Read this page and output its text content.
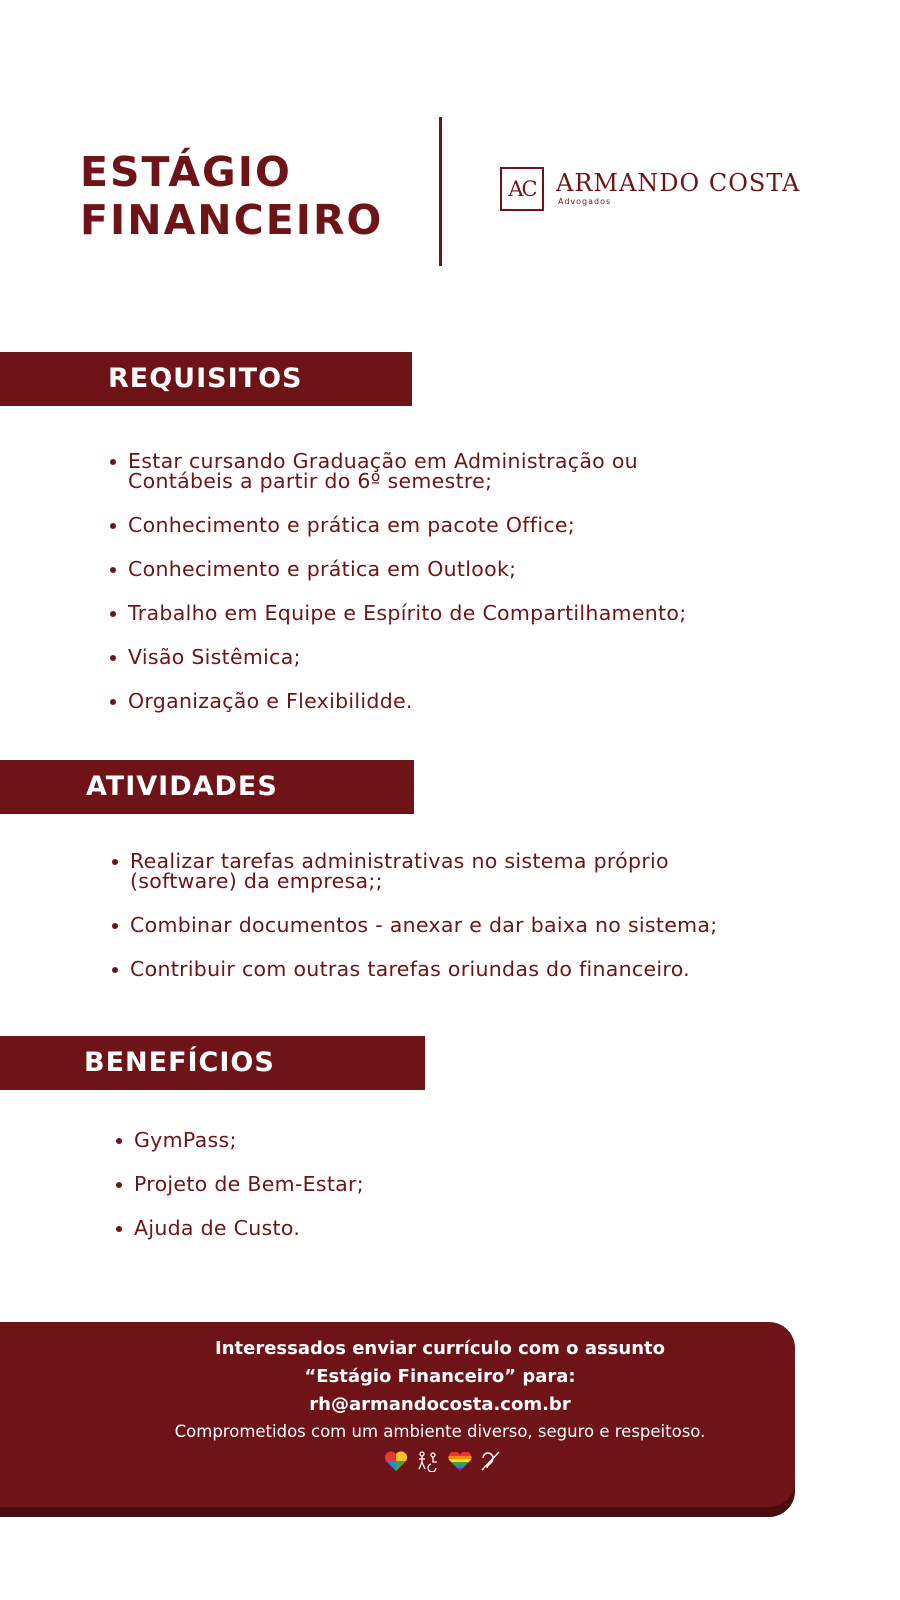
ESTÁGIO
FINANCEIRO
AC ARMANDO COSTA
Advogados
REQUISITOS
Estar cursando Graduação em Administração ou
Contábeis a partir do 6º semestre;
Conhecimento e prática em pacote Office;
Conhecimento e prática em Outlook;
Trabalho em Equipe e Espírito de Compartilhamento;
Visão Sistêmica;
Organização e Flexibilidde.
ATIVIDADES
Realizar tarefas administrativas no sistema próprio
(software) da empresa;;
Combinar documentos - anexar e dar baixa no sistema;
Contribuir com outras tarefas oriundas do financeiro.
BENEFÍCIOS
GymPass;
Projeto de Bem-Estar;
Ajuda de Custo.
Interessados enviar currículo com o assunto
“Estágio Financeiro” para:
rh@armandocosta.com.br
Comprometidos com um ambiente diverso, seguro e respeitoso.
